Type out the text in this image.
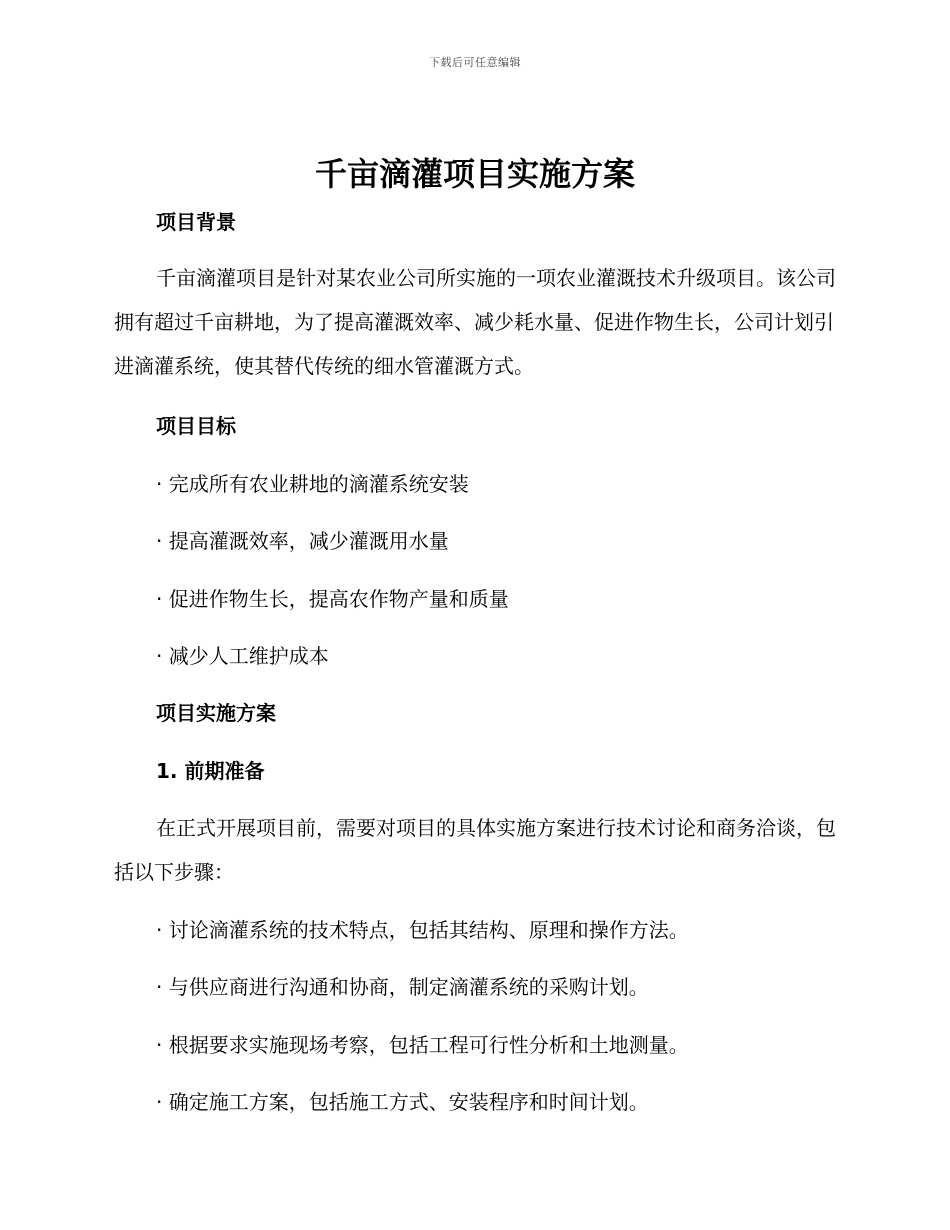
下载后可任意编辑
千亩滴灌项目实施方案
项目背景

千亩滴灌项目是针对某农业公司所实施的一项农业灌溉技术升级项目。该公司拥有超过千亩耕地，为了提高灌溉效率、减少耗水量、促进作物生长，公司计划引进滴灌系统，使其替代传统的细水管灌溉方式。

项目目标
· 完成所有农业耕地的滴灌系统安装
· 提高灌溉效率，减少灌溉用水量
· 促进作物生长，提高农作物产量和质量
· 减少人工维护成本
项目实施方案
1. 前期准备

在正式开展项目前，需要对项目的具体实施方案进行技术讨论和商务洽谈，包括以下步骤：

· 讨论滴灌系统的技术特点，包括其结构、原理和操作方法。
· 与供应商进行沟通和协商，制定滴灌系统的采购计划。
· 根据要求实施现场考察，包括工程可行性分析和土地测量。
· 确定施工方案，包括施工方式、安装程序和时间计划。
